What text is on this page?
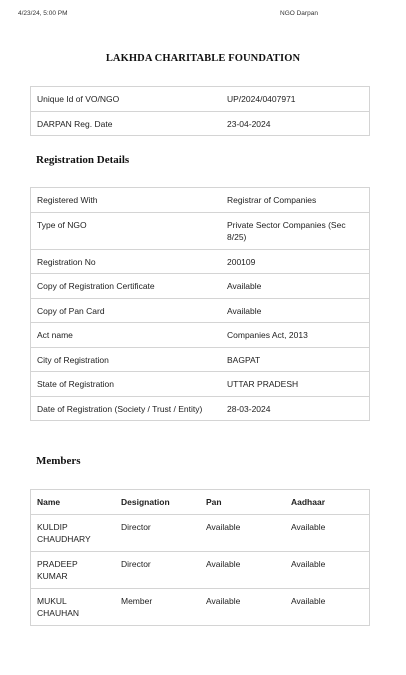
4/23/24, 5:00 PM	NGO Darpan
LAKHDA CHARITABLE FOUNDATION
Unique Id of VO/NGO	UP/2024/0407971
DARPAN Reg. Date	23-04-2024
Registration Details
Registered With	Registrar of Companies
Type of NGO	Private Sector Companies (Sec 8/25)
Registration No	200109
Copy of Registration Certificate	Available
Copy of Pan Card	Available
Act name	Companies Act, 2013
City of Registration	BAGPAT
State of Registration	UTTAR PRADESH
Date of Registration (Society / Trust / Entity)	28-03-2024
Members
Name	Designation	Pan	Aadhaar
KULDIP CHAUDHARY	Director	Available	Available
PRADEEP KUMAR	Director	Available	Available
MUKUL CHAUHAN	Member	Available	Available
